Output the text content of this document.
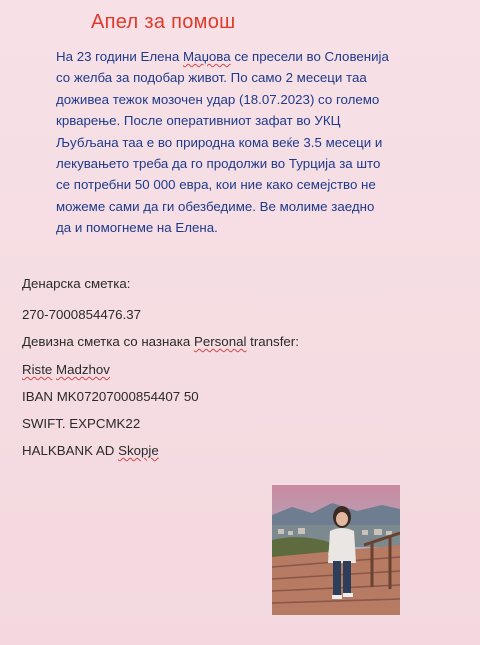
Апел за помош

На 23 години Елена Маџова се пресели во Словенија
со желба за подобар живот. По само 2 месеци таа
доживеа тежок мозочен удар (18.07.2023) со големо
крварење. После оперативниот зафат во УКЦ
Љубљана таа е во природна кома веќе 3.5 месеци и
лекувањето треба да го продолжи во Турција за што
се потребни 50 000 евра, кои ние како семејство не
можеме сами да ги обезбедиме. Ве молиме заедно
да и помогнеме на Елена.

Денарска сметка:
270-7000854476.37
Девизна сметка со назнака Personal transfer:
Riste Madzhov
IBAN MK07207000854407 50
SWIFT. EXPCMK22
HALKBANK AD Skopje
